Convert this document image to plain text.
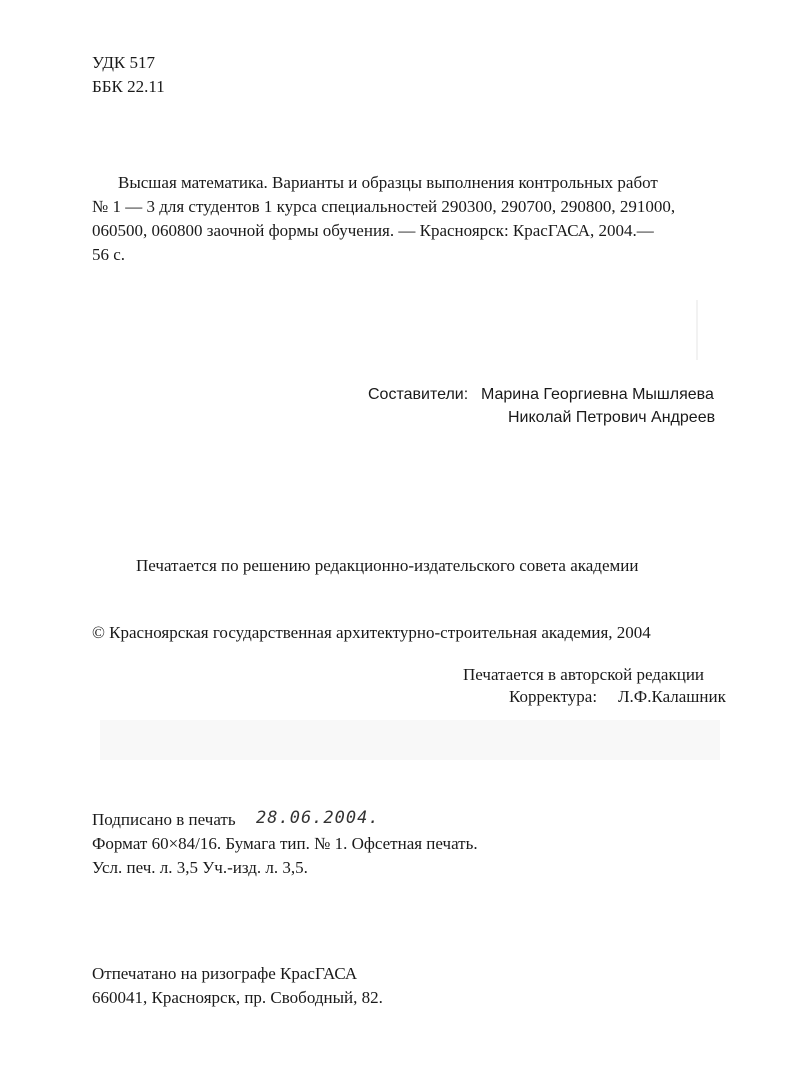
УДК 517
ББК 22.11
Высшая математика. Варианты и образцы выполнения контрольных работ
№ 1 — 3 для студентов 1 курса специальностей 290300, 290700, 290800, 291000,
060500, 060800 заочной формы обучения. — Красноярск: КрасГАСА, 2004.—
56 с.
Составители: Марина Георгиевна Мышляева
Николай Петрович Андреев
Печатается по решению редакционно-издательского совета академии
© Красноярская государственная архитектурно-строительная академия, 2004
Печатается в авторской редакции
Корректура: Л.Ф.Калашник
Подписано в печать 28.06.2004.
Формат 60×84/16. Бумага тип. № 1. Офсетная печать.
Усл. печ. л. 3,5 Уч.-изд. л. 3,5.
Отпечатано на ризографе КрасГАСА
660041, Красноярск, пр. Свободный, 82.
